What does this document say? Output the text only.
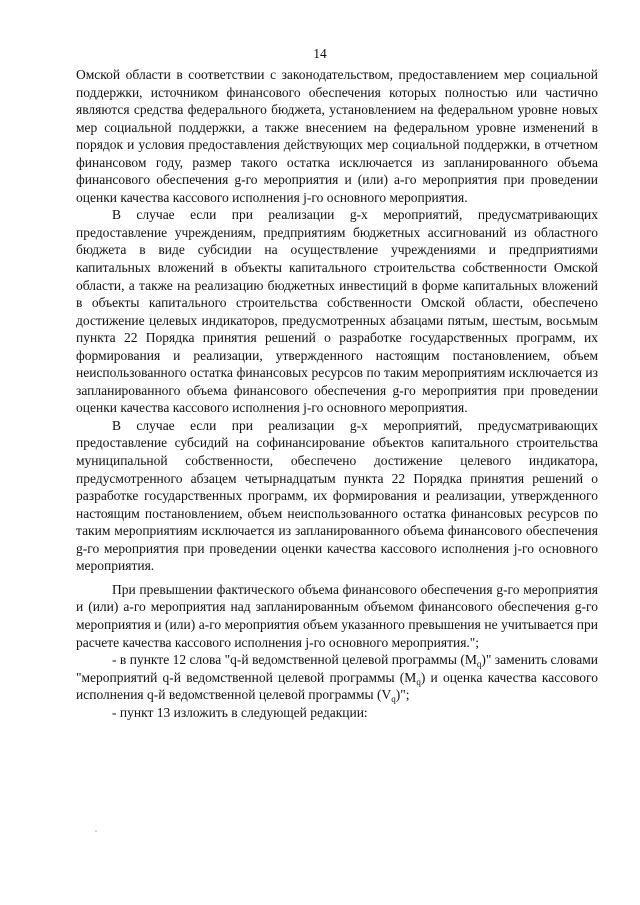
14

Омской области в соответствии с законодательством, предоставлением мер социальной поддержки, источником финансового обеспечения которых полностью или частично являются средства федерального бюджета, установлением на федеральном уровне новых мер социальной поддержки, а также внесением на федеральном уровне изменений в порядок и условия предоставления действующих мер социальной поддержки, в отчетном финансовом году, размер такого остатка исключается из запланированного объема финансового обеспечения g-го мероприятия и (или) a-го мероприятия при проведении оценки качества кассового исполнения j-го основного мероприятия.

В случае если при реализации g-х мероприятий, предусматривающих предоставление учреждениям, предприятиям бюджетных ассигнований из областного бюджета в виде субсидии на осуществление учреждениями и предприятиями капитальных вложений в объекты капитального строительства собственности Омской области, а также на реализацию бюджетных инвестиций в форме капитальных вложений в объекты капитального строительства собственности Омской области, обеспечено достижение целевых индикаторов, предусмотренных абзацами пятым, шестым, восьмым пункта 22 Порядка принятия решений о разработке государственных программ, их формирования и реализации, утвержденного настоящим постановлением, объем неиспользованного остатка финансовых ресурсов по таким мероприятиям исключается из запланированного объема финансового обеспечения g-го мероприятия при проведении оценки качества кассового исполнения j-го основного мероприятия.

В случае если при реализации g-х мероприятий, предусматривающих предоставление субсидий на софинансирование объектов капитального строительства муниципальной собственности, обеспечено достижение целевого индикатора, предусмотренного абзацем четырнадцатым пункта 22 Порядка принятия решений о разработке государственных программ, их формирования и реализации, утвержденного настоящим постановлением, объем неиспользованного остатка финансовых ресурсов по таким мероприятиям исключается из запланированного объема финансового обеспечения g-го мероприятия при проведении оценки качества кассового исполнения j-го основного мероприятия.

При превышении фактического объема финансового обеспечения g-го мероприятия и (или) a-го мероприятия над запланированным объемом финансового обеспечения g-го мероприятия и (или) a-го мероприятия объем указанного превышения не учитывается при расчете качества кассового исполнения j-го основного мероприятия.";

- в пункте 12 слова "q-й ведомственной целевой программы $(M_q)$" заменить словами "мероприятий q-й ведомственной целевой программы $(M_q)$ и оценка качества кассового исполнения q-й ведомственной целевой программы $(V_q)$";

- пункт 13 изложить в следующей редакции:
